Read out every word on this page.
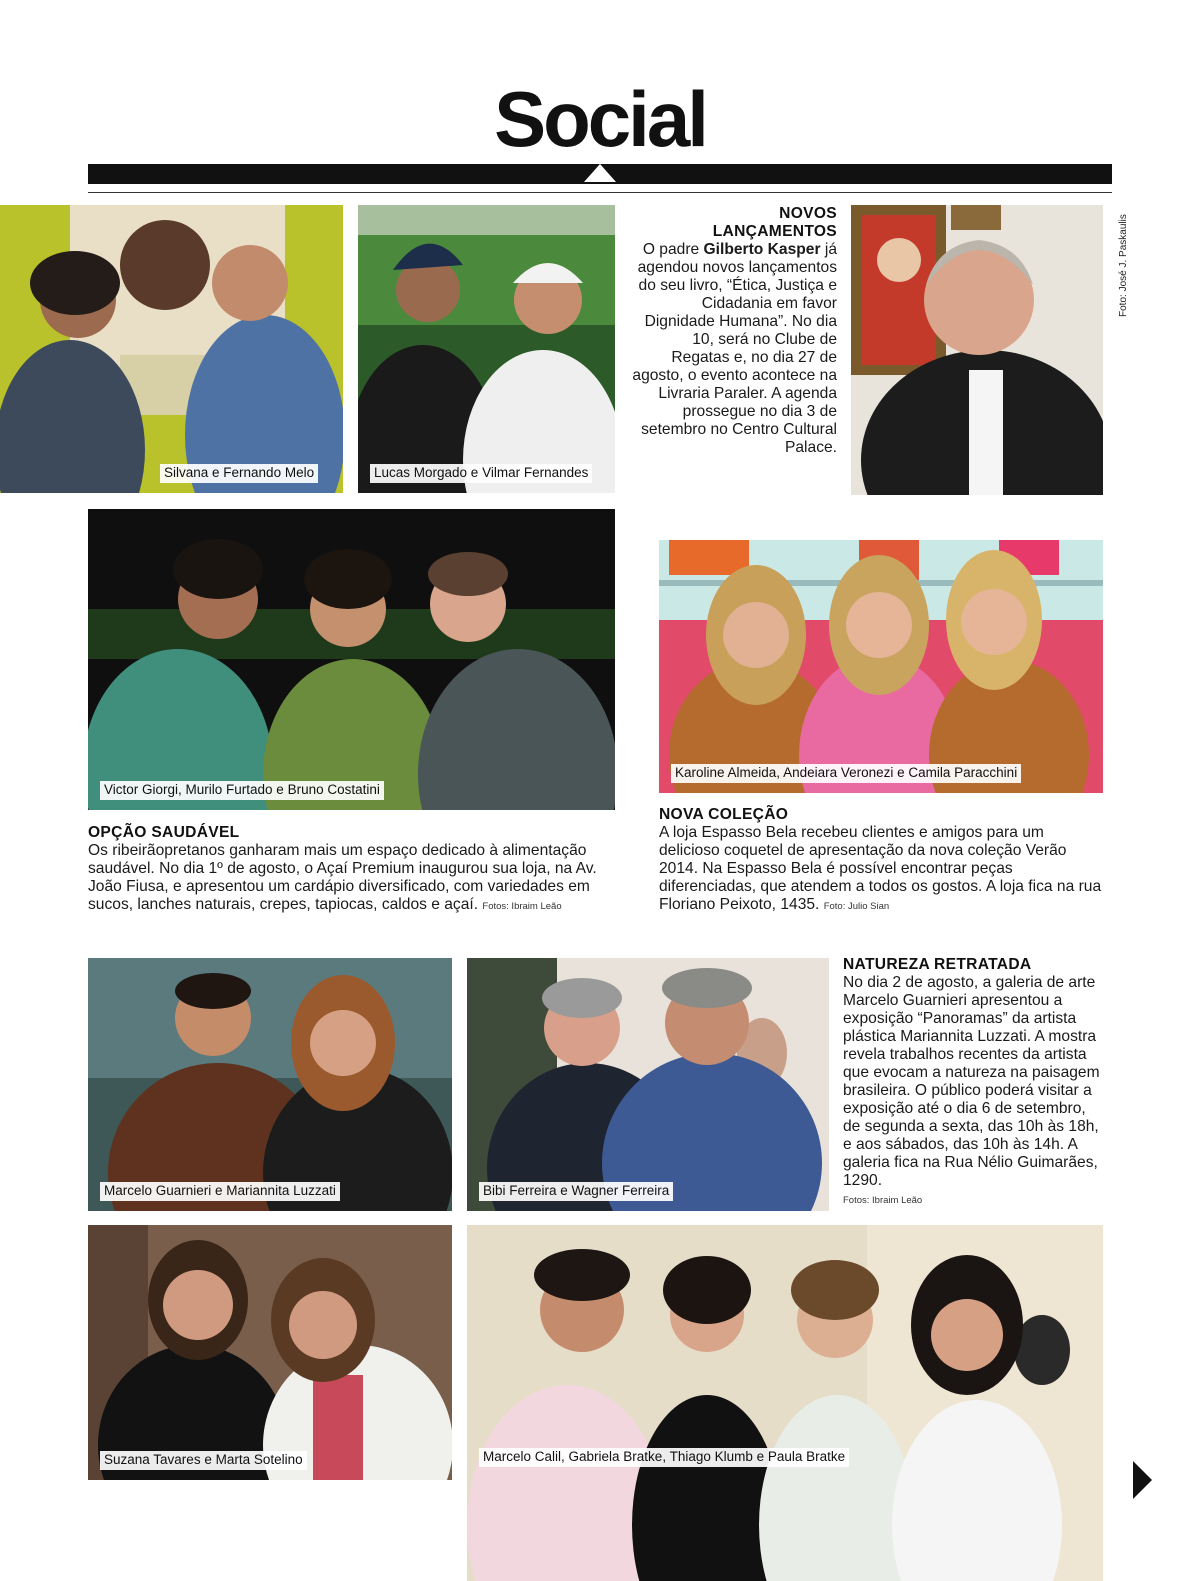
Social
Silvana e Fernando Melo	Lucas Morgado e Vilmar Fernandes
NOVOS
LANÇAMENTOS
O padre Gilberto Kasper já agendou novos lançamentos do seu livro, “Ética, Justiça e Cidadania em favor Dignidade Humana”. No dia 10, será no Clube de Regatas e, no dia 27 de agosto, o evento acontece na Livraria Paraler. A agenda prossegue no dia 3 de setembro no Centro Cultural Palace.
Foto: José J. Paskaulis
Victor Giorgi, Murilo Furtado e Bruno Costatini
Karoline Almeida, Andeiara Veronezi e Camila Paracchini
OPÇÃO SAUDÁVEL
Os ribeirãopretanos ganharam mais um espaço dedicado à alimentação saudável. No dia 1º de agosto, o Açaí Premium inaugurou sua loja, na Av. João Fiusa, e apresentou um cardápio diversificado, com variedades em sucos, lanches naturais, crepes, tapiocas, caldos e açaí. Fotos: Ibraim Leão
NOVA COLEÇÃO
A loja Espasso Bela recebeu clientes e amigos para um delicioso coquetel de apresentação da nova coleção Verão 2014. Na Espasso Bela é possível encontrar peças diferenciadas, que atendem a todos os gostos. A loja fica na rua Floriano Peixoto, 1435. Foto: Julio Sian
Marcelo Guarnieri e Mariannita Luzzati	Bibi Ferreira e Wagner Ferreira
NATUREZA RETRATADA
No dia 2 de agosto, a galeria de arte Marcelo Guarnieri apresentou a exposição “Panoramas” da artista plástica Mariannita Luzzati. A mostra revela trabalhos recentes da artista que evocam a natureza na paisagem brasileira. O público poderá visitar a exposição até o dia 6 de setembro, de segunda a sexta, das 10h às 18h, e aos sábados, das 10h às 14h. A galeria fica na Rua Nélio Guimarães, 1290.
Fotos: Ibraim Leão
Suzana Tavares e Marta Sotelino	Marcelo Calil, Gabriela Bratke, Thiago Klumb e Paula Bratke
